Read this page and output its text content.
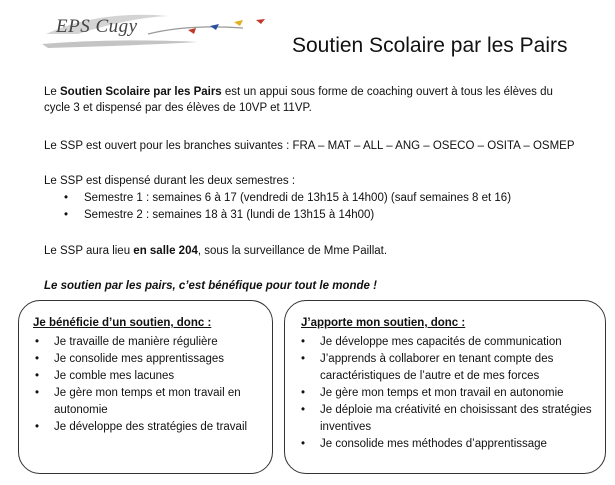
EPS Cugy
Soutien Scolaire par les Pairs
Le Soutien Scolaire par les Pairs est un appui sous forme de coaching ouvert à tous les élèves du
cycle 3 et dispensé par des élèves de 10VP et 11VP.
Le SSP est ouvert pour les branches suivantes : FRA – MAT – ALL – ANG – OSECO – OSITA – OSMEP
Le SSP est dispensé durant les deux semestres :
• Semestre 1 : semaines 6 à 17 (vendredi de 13h15 à 14h00) (sauf semaines 8 et 16)
• Semestre 2 : semaines 18 à 31 (lundi de 13h15 à 14h00)
Le SSP aura lieu en salle 204, sous la surveillance de Mme Paillat.
Le soutien par les pairs, c’est bénéfique pour tout le monde !
Je bénéficie d’un soutien, donc :
• Je travaille de manière régulière
• Je consolide mes apprentissages
• Je comble mes lacunes
• Je gère mon temps et mon travail en autonomie
• Je développe des stratégies de travail
J’apporte mon soutien, donc :
• Je développe mes capacités de communication
• J’apprends à collaborer en tenant compte des caractéristiques de l’autre et de mes forces
• Je gère mon temps et mon travail en autonomie
• Je déploie ma créativité en choisissant des stratégies inventives
• Je consolide mes méthodes d’apprentissage
